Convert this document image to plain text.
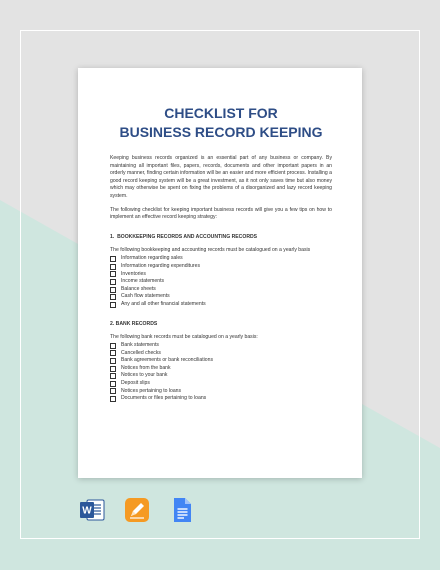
CHECKLIST FOR
BUSINESS RECORD KEEPING

Keeping business records organized is an essential part of any business or company. By maintaining all important files, papers, records, documents and other important papers in an orderly manner, finding certain information will be an easier and more efficient process. Installing a good record keeping system will be a great investment, as it not only saves time but also money which may otherwise be spent on fixing the problems of a disorganized and lazy record keeping system.

The following checklist for keeping important business records will give you a few tips on how to implement an effective record keeping strategy:

1.  BOOKKEEPING RECORDS AND ACCOUNTING RECORDS
The following bookkeeping and accounting records must be catalogued on a yearly basis
Information regarding sales
Information regarding expenditures
Inventories
Income statements
Balance sheets
Cash flow statements
Any and all other financial statements
2. BANK RECORDS
The following bank records must be catalogued on a yearly basis:
Bank statements
Cancelled checks
Bank agreements or bank reconciliations
Notices from the bank
Notices to your bank
Deposit slips
Notices pertaining to loans
Documents or files pertaining to loans
W
